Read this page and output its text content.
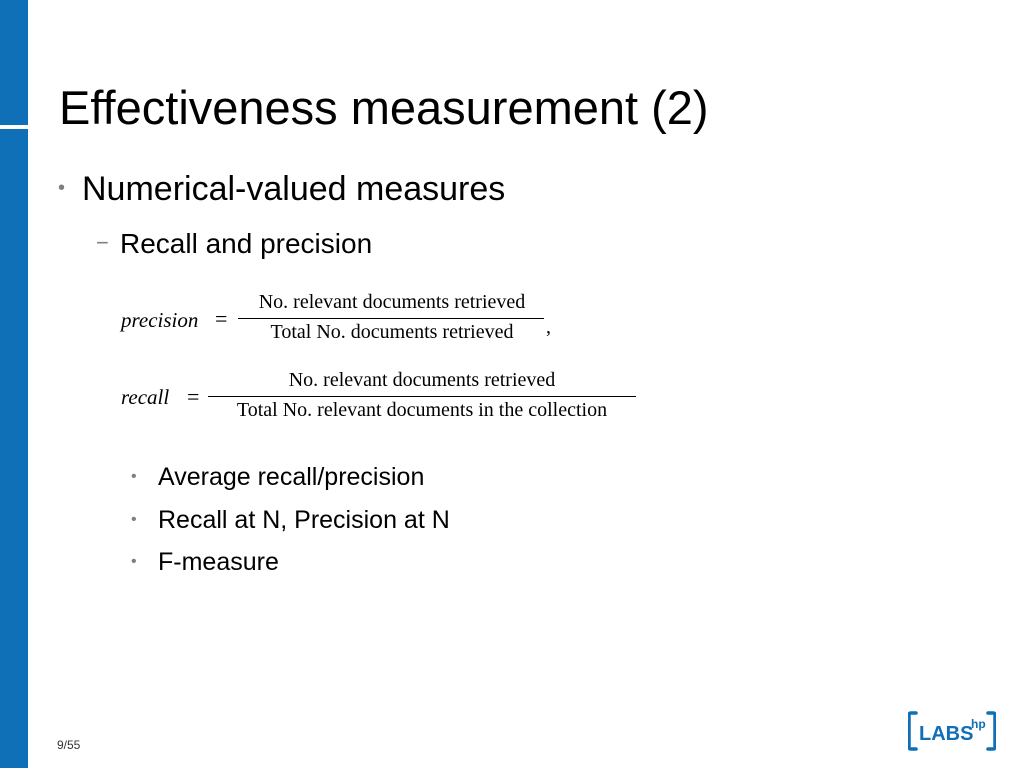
Effectiveness measurement (2)
• Numerical-valued measures
− Recall and precision
precision =
No. relevant documents retrieved
Total No. documents retrieved	,
recall =
No. relevant documents retrieved
Total No. relevant documents in the collection
• Average recall/precision
• Recall at N, Precision at N
• F-measure
9/55	LABS
hp
